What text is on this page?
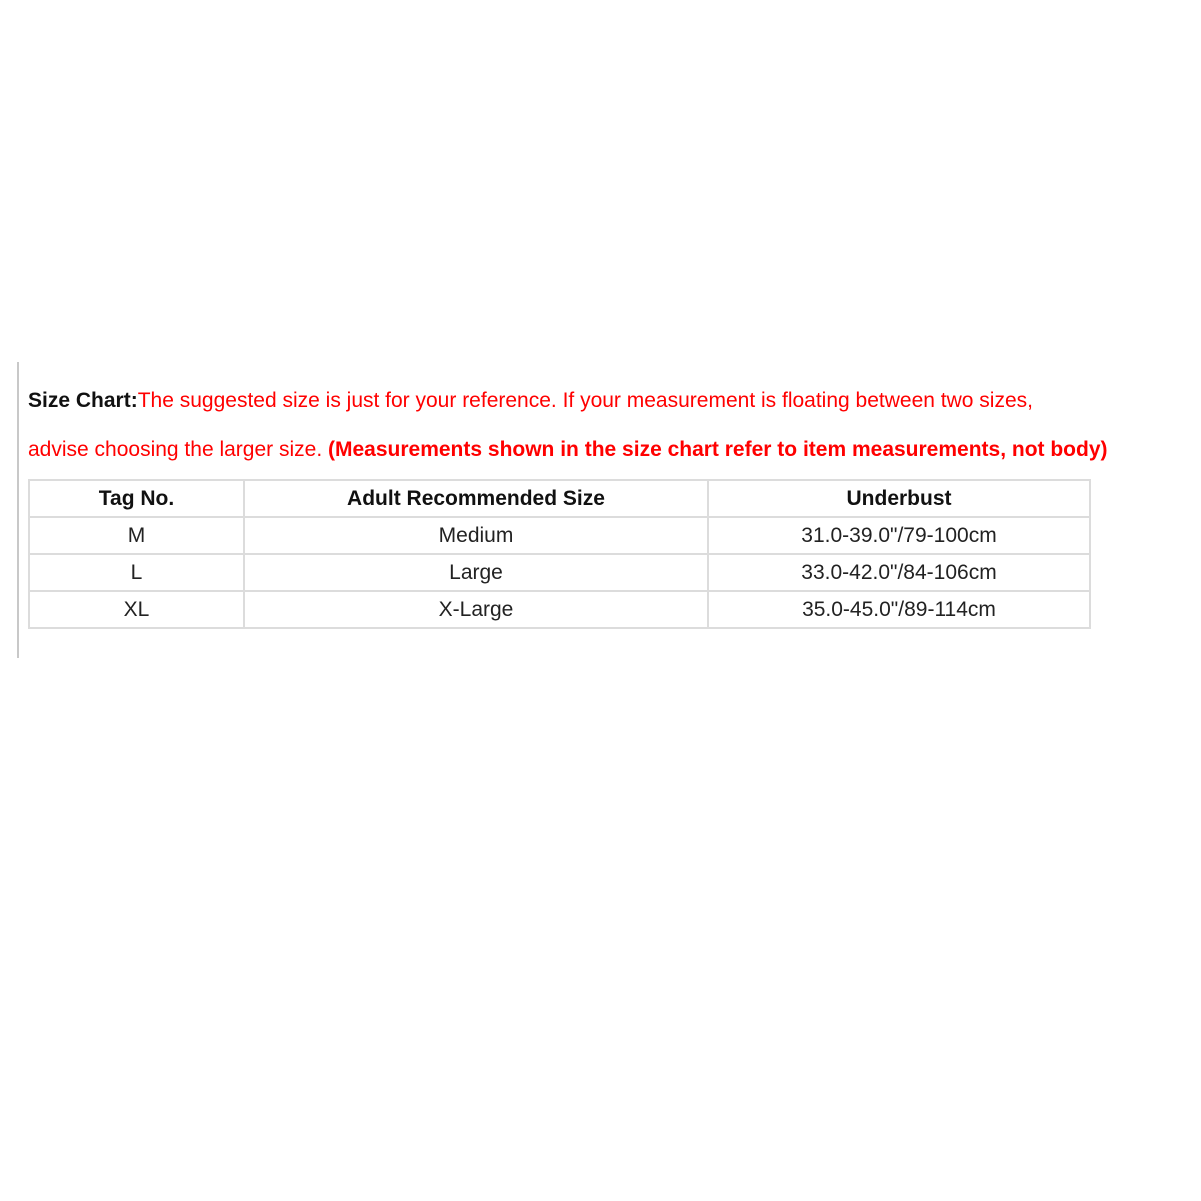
Size Chart:The suggested size is just for your reference. If your measurement is floating between two sizes,
advise choosing the larger size. (Measurements shown in the size chart refer to item measurements, not body)
Tag No.	Adult Recommended Size	Underbust
M	Medium	31.0-39.0"/79-100cm
L	Large	33.0-42.0"/84-106cm
XL	X-Large	35.0-45.0"/89-114cm
